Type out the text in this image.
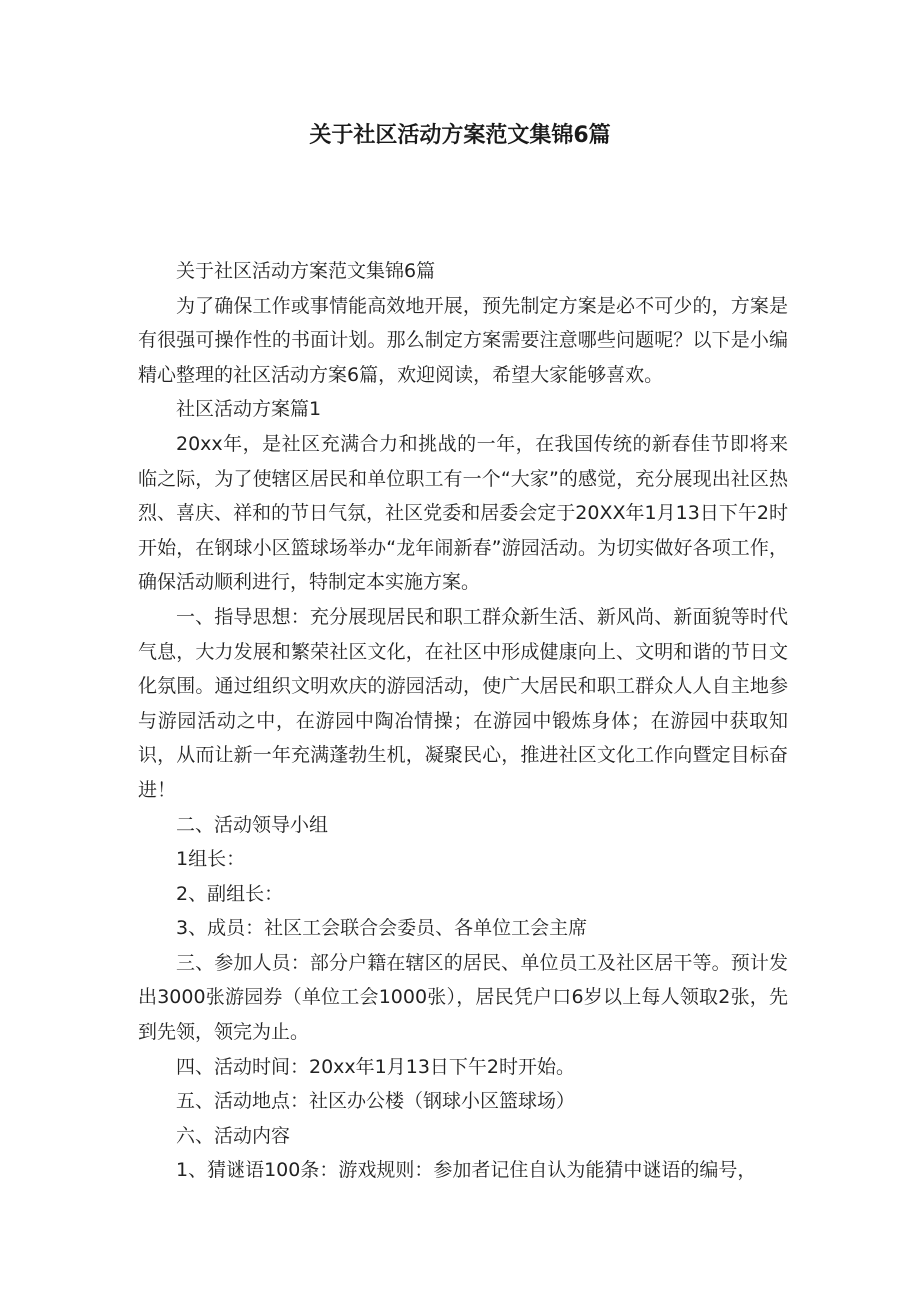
关于社区活动方案范文集锦6篇

关于社区活动方案范文集锦6篇

为了确保工作或事情能高效地开展，预先制定方案是必不可少的，方案是有很强可操作性的书面计划。那么制定方案需要注意哪些问题呢？以下是小编精心整理的社区活动方案6篇，欢迎阅读，希望大家能够喜欢。

社区活动方案篇1

20xx年，是社区充满合力和挑战的一年，在我国传统的新春佳节即将来临之际，为了使辖区居民和单位职工有一个“大家”的感觉，充分展现出社区热烈、喜庆、祥和的节日气氛，社区党委和居委会定于20XX年1月13日下午2时开始，在钢球小区篮球场举办“龙年闹新春”游园活动。为切实做好各项工作，确保活动顺利进行，特制定本实施方案。

一、指导思想：充分展现居民和职工群众新生活、新风尚、新面貌等时代气息，大力发展和繁荣社区文化，在社区中形成健康向上、文明和谐的节日文化氛围。通过组织文明欢庆的游园活动，使广大居民和职工群众人人自主地参与游园活动之中，在游园中陶冶情操；在游园中锻炼身体；在游园中获取知识，从而让新一年充满蓬勃生机，凝聚民心，推进社区文化工作向暨定目标奋进！

二、活动领导小组

1组长：

2、副组长：

3、成员：社区工会联合会委员、各单位工会主席

三、参加人员：部分户籍在辖区的居民、单位员工及社区居干等。预计发出3000张游园券（单位工会1000张），居民凭户口6岁以上每人领取2张，先到先领，领完为止。

四、活动时间：20xx年1月13日下午2时开始。

五、活动地点：社区办公楼（钢球小区篮球场）

六、活动内容

1、猜谜语100条：游戏规则：参加者记住自认为能猜中谜语的编号，
